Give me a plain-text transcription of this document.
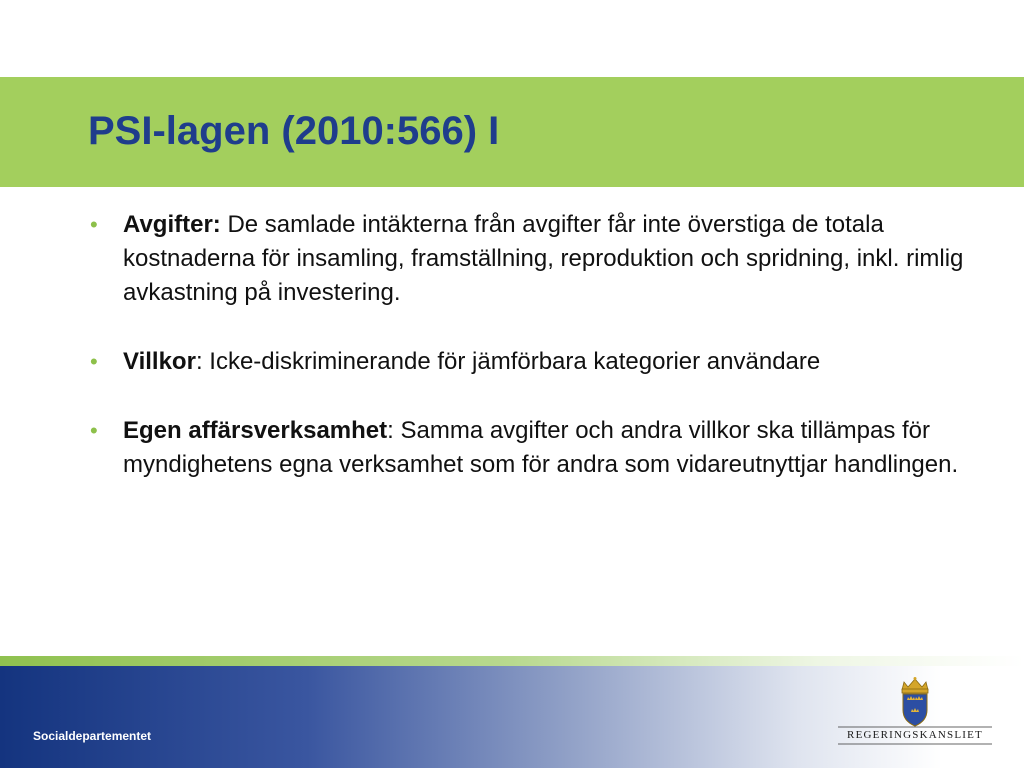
PSI-lagen (2010:566) I
• Avgifter: De samlade intäkterna från avgifter får inte överstiga de totala kostnaderna för insamling, framställning, reproduktion och spridning, inkl. rimlig avkastning på investering.
• Villkor: Icke-diskriminerande för jämförbara kategorier användare
• Egen affärsverksamhet: Samma avgifter och andra villkor ska tillämpas för myndighetens egna verksamhet som för andra som vidareutnyttjar handlingen.
Socialdepartementet	REGERINGSKANSLIET
